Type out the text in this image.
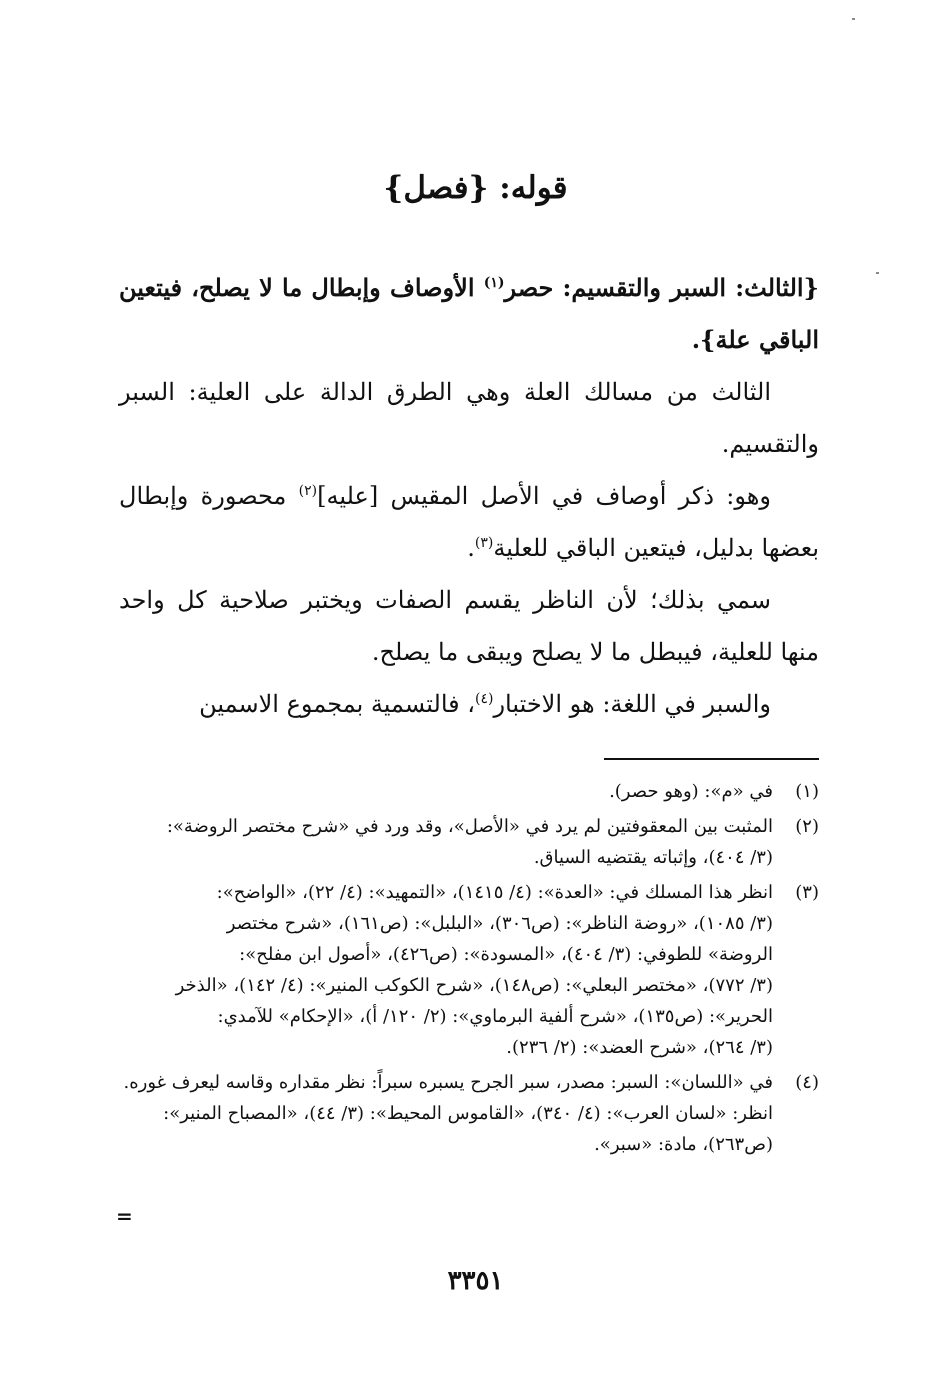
قوله: {فصل}

{الثالث: السبر والتقسيم: حصر$^{(١)}$ الأوصاف وإبطال ما لا يصلح، فيتعين الباقي علة}.

الثالث من مسالك العلة وهي الطرق الدالة على العلية: السبر والتقسيم.

وهو: ذكر أوصاف في الأصل المقيس [عليه]$^{(٢)}$ محصورة وإبطال بعضها بدليل، فيتعين الباقي للعلية$^{(٣)}$.

سمي بذلك؛ لأن الناظر يقسم الصفات ويختبر صلاحية كل واحد منها للعلية، فيبطل ما لا يصلح ويبقى ما يصلح.

والسبر في اللغة: هو الاختبار$^{(٤)}$، فالتسمية بمجموع الاسمين

(١)
في «م»: (وهو حصر).
(٢)
المثبت بين المعقوفتين لم يرد في «الأصل»، وقد ورد في «شرح مختصر الروضة»:
(٣/ ٤٠٤)، وإثباته يقتضيه السياق.
(٣)
انظر هذا المسلك في: «العدة»: (٤/ ١٤١٥)، «التمهيد»: (٤/ ٢٢)، «الواضح»:
(٣/ ١٠٨٥)، «روضة الناظر»: (ص٣٠٦)، «البلبل»: (ص١٦١)، «شرح مختصر
الروضة» للطوفي: (٣/ ٤٠٤)، «المسودة»: (ص٤٢٦)، «أصول ابن مفلح»:
(٣/ ٧٧٢)، «مختصر البعلي»: (ص١٤٨)، «شرح الكوكب المنير»: (٤/ ١٤٢)، «الذخر
الحرير»: (ص١٣٥)، «شرح ألفية البرماوي»: (٢/ ١٢٠/ أ)، «الإحكام» للآمدي:
(٣/ ٢٦٤)، «شرح العضد»: (٢/ ٢٣٦).
(٤)
في «اللسان»: السبر: مصدر، سبر الجرح يسبره سبراً: نظر مقداره وقاسه ليعرف غوره.
انظر: «لسان العرب»: (٤/ ٣٤٠)، «القاموس المحيط»: (٣/ ٤٤)، «المصباح المنير»:
(ص٢٦٣)، مادة: «سبر».
=
٣٣٥١
